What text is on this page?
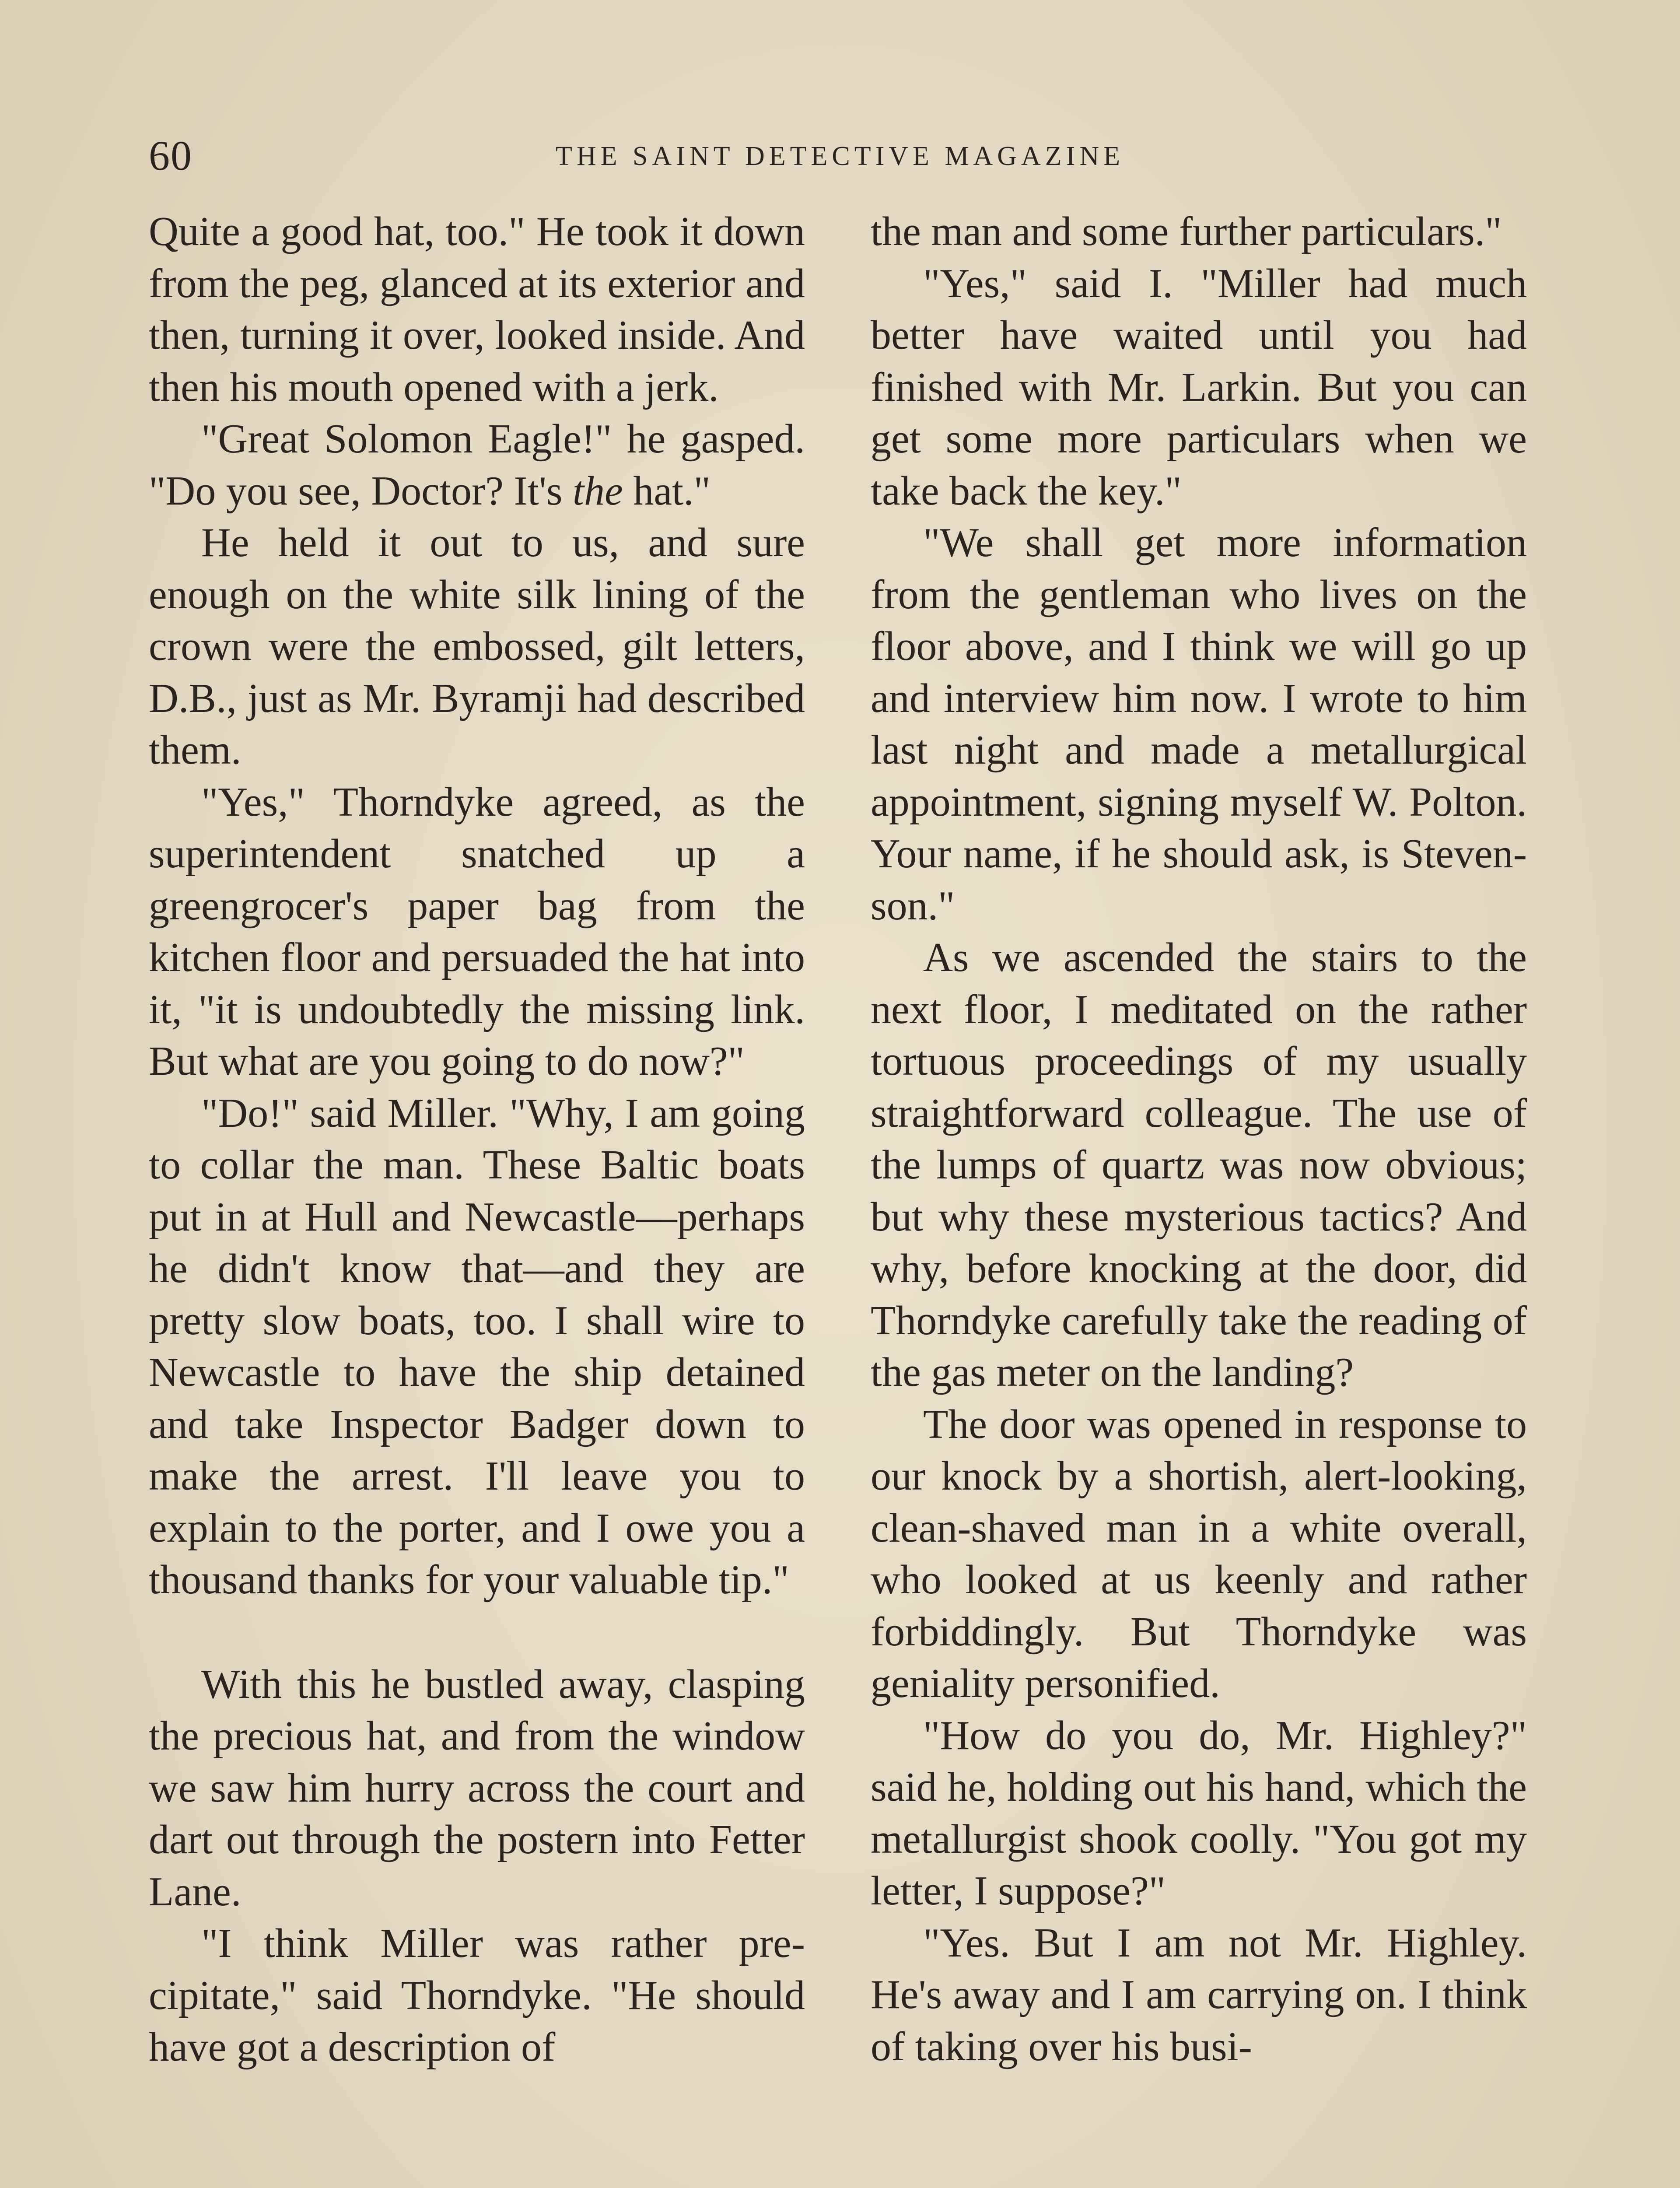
60	THE SAINT DETECTIVE MAGAZINE

Quite a good hat, too." He took it down from the peg, glanced at its exterior and then, turning it over, looked inside. And then his mouth opened with a jerk.

"Great Solomon Eagle!" he gasped. "Do you see, Doctor? It's the hat."

He held it out to us, and sure enough on the white silk lining of the crown were the embossed, gilt letters, D.B., just as Mr. Byramji had described them.

"Yes," Thorndyke agreed, as the superintendent snatched up a greengrocer's paper bag from the kitchen floor and persuaded the hat into it, "it is undoubtedly the missing link. But what are you going to do now?"

"Do!" said Miller. "Why, I am going to collar the man. These Baltic boats put in at Hull and Newcastle—perhaps he didn't know that—and they are pretty slow boats, too. I shall wire to Newcastle to have the ship detained and take Inspector Badger down to make the arrest. I'll leave you to explain to the porter, and I owe you a thousand thanks for your valuable tip."

With this he bustled away, clasping the precious hat, and from the window we saw him hurry across the court and dart out through the postern into Fetter Lane.

"I think Miller was rather precipitate," said Thorndyke. "He should have got a description of

the man and some further particulars."

"Yes," said I. "Miller had much better have waited until you had finished with Mr. Larkin. But you can get some more particulars when we take back the key."

"We shall get more information from the gentleman who lives on the floor above, and I think we will go up and interview him now. I wrote to him last night and made a metallurgical appointment, signing myself W. Polton. Your name, if he should ask, is Stevenson."

As we ascended the stairs to the next floor, I meditated on the rather tortuous proceedings of my usually straightforward colleague. The use of the lumps of quartz was now obvious; but why these mysterious tactics? And why, before knocking at the door, did Thorndyke carefully take the reading of the gas meter on the landing?

The door was opened in response to our knock by a shortish, alert-looking, clean-shaved man in a white overall, who looked at us keenly and rather forbiddingly. But Thorndyke was geniality personified.

"How do you do, Mr. Highley?" said he, holding out his hand, which the metallurgist shook coolly. "You got my letter, I suppose?"

"Yes. But I am not Mr. Highley. He's away and I am carrying on. I think of taking over his busi-
